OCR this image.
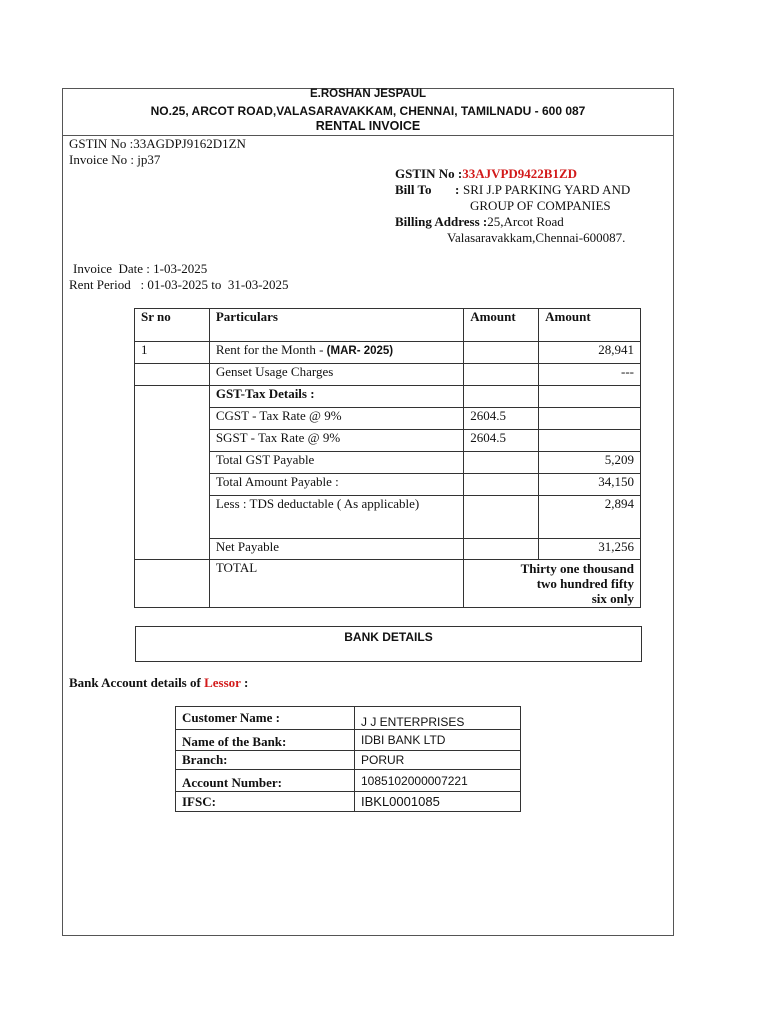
E.ROSHAN JESPAUL
NO.25, ARCOT ROAD,VALASARAVAKKAM, CHENNAI, TAMILNADU - 600 087
RENTAL INVOICE
GSTIN No :33AGDPJ9162D1ZN
Invoice No : jp37
GSTIN No :33AJVPD9422B1ZD
Bill To : SRI J.P PARKING YARD AND
GROUP OF COMPANIES
Billing Address :25,Arcot Road
Valasaravakkam,Chennai-600087.
Invoice  Date : 1-03-2025
Rent Period   : 01-03-2025 to  31-03-2025
Sr no	Particulars	Amount	Amount
1	Rent for the Month - (MAR- 2025)		28,941
	Genset Usage Charges		---
	GST-Tax Details :		
	CGST - Tax Rate @ 9%	2604.5	
	SGST - Tax Rate @ 9%	2604.5	
	Total GST Payable		5,209
	Total Amount Payable :		34,150
	Less : TDS deductable ( As applicable)		2,894
	Net Payable		31,256
	TOTAL	Thirty one thousand
two hundred fifty
six only	
BANK DETAILS
Bank Account details of Lessor :
Customer Name :	J J ENTERPRISES
Name of the Bank:	IDBI BANK LTD
Branch:	PORUR
Account Number:	1085102000007221
IFSC:	IBKL0001085
